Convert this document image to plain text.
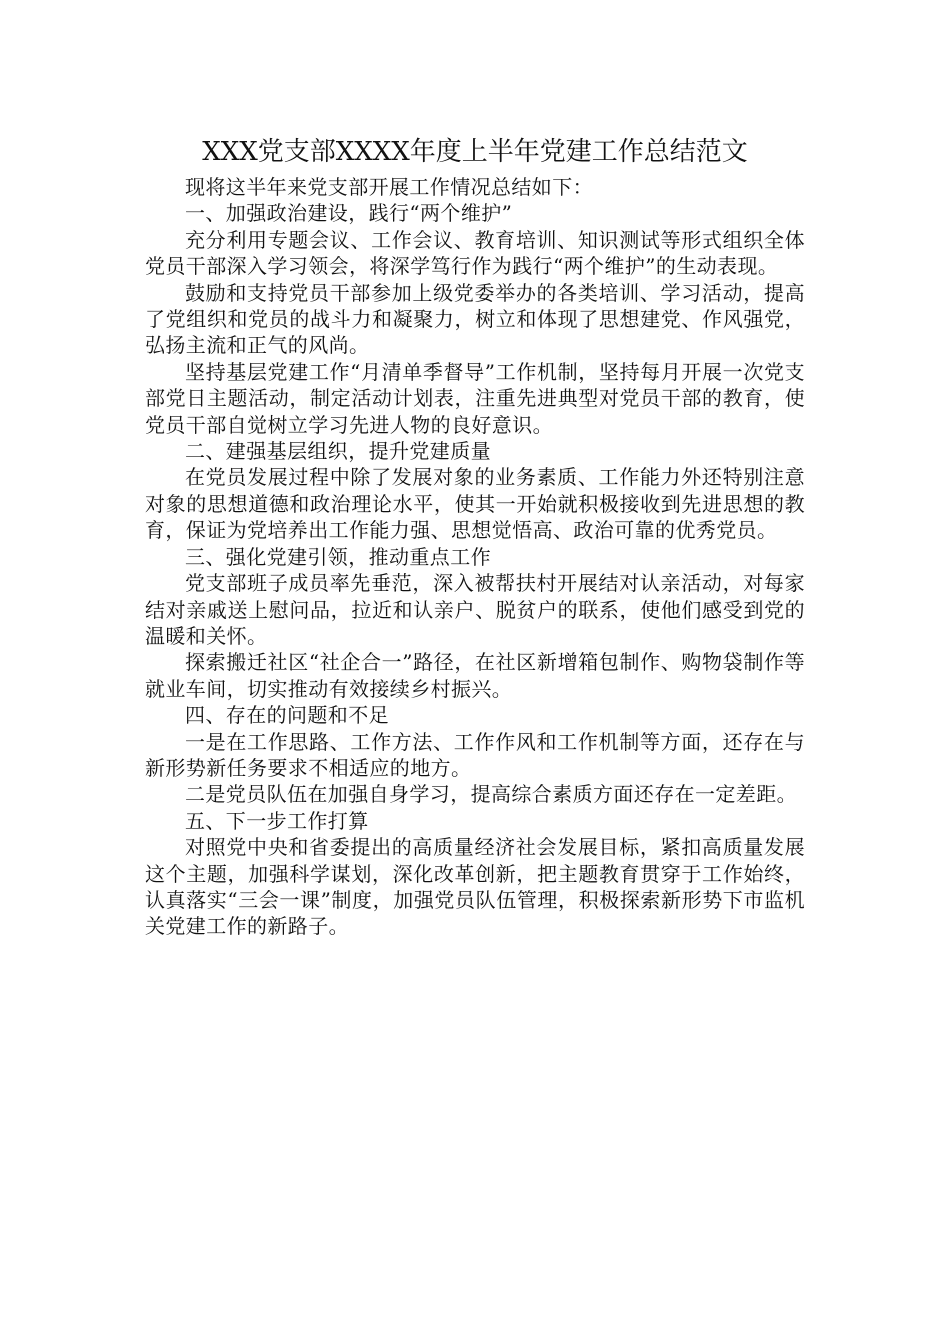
XXX党支部XXXX年度上半年党建工作总结范文

现将这半年来党支部开展工作情况总结如下：

一、加强政治建设，践行“两个维护”

充分利用专题会议、工作会议、教育培训、知识测试等形式组织全体党员干部深入学习领会，将深学笃行作为践行“两个维护”的生动表现。

鼓励和支持党员干部参加上级党委举办的各类培训、学习活动，提高了党组织和党员的战斗力和凝聚力，树立和体现了思想建党、作风强党，弘扬主流和正气的风尚。

坚持基层党建工作“月清单季督导”工作机制，坚持每月开展一次党支部党日主题活动，制定活动计划表，注重先进典型对党员干部的教育，使党员干部自觉树立学习先进人物的良好意识。

二、建强基层组织，提升党建质量

在党员发展过程中除了发展对象的业务素质、工作能力外还特别注意对象的思想道德和政治理论水平，使其一开始就积极接收到先进思想的教育，保证为党培养出工作能力强、思想觉悟高、政治可靠的优秀党员。

三、强化党建引领，推动重点工作

党支部班子成员率先垂范，深入被帮扶村开展结对认亲活动，对每家结对亲戚送上慰问品，拉近和认亲户、脱贫户的联系，使他们感受到党的温暖和关怀。

探索搬迁社区“社企合一”路径，在社区新增箱包制作、购物袋制作等就业车间，切实推动有效接续乡村振兴。

四、存在的问题和不足

一是在工作思路、工作方法、工作作风和工作机制等方面，还存在与新形势新任务要求不相适应的地方。

二是党员队伍在加强自身学习，提高综合素质方面还存在一定差距。

五、下一步工作打算

对照党中央和省委提出的高质量经济社会发展目标，紧扣高质量发展这个主题，加强科学谋划，深化改革创新，把主题教育贯穿于工作始终，认真落实“三会一课”制度，加强党员队伍管理，积极探索新形势下市监机关党建工作的新路子。
